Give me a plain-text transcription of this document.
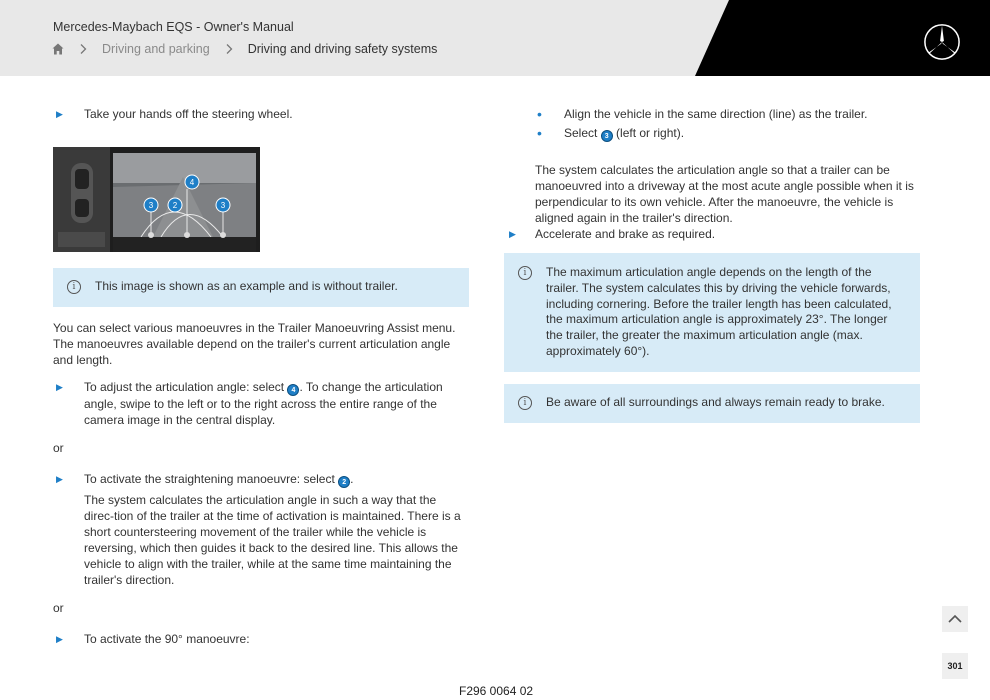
Mercedes-Maybach EQS - Owner's Manual
Driving and parking	Driving and driving safety systems
▶	Take your hands off the steering wheel.
4
3 2	3
i	This image is shown as an example and is without trailer.
You can select various manoeuvres in the Trailer Manoeuvring Assist menu. The manoeuvres available depend on the trailer's current articulation angle and length.
▶	To adjust the articulation angle: select 4 . To change the articulation angle, swipe to the left or to the right across the entire range of the camera image in the central display.
or
▶	To activate the straightening manoeuvre: select 2 .
The system calculates the articulation angle in such a way that the direc-tion of the trailer at the time of activation is maintained. There is a short countersteering movement of the trailer while the vehicle is reversing, which then guides it back to the desired line. This allows the vehicle to align with the trailer, while at the same time maintaining the trailer's direction.
or
▶	To activate the 90° manoeuvre:
•	Align the vehicle in the same direction (line) as the trailer.
•	Select 3 (left or right).
The system calculates the articulation angle so that a trailer can be manoeuvred into a driveway at the most acute angle possible when it is perpendicular to its own vehicle. After the manoeuvre, the vehicle is aligned again in the trailer's direction.
▶	Accelerate and brake as required.
i	The maximum articulation angle depends on the length of the trailer. The system calculates this by driving the vehicle forwards, including cornering. Before the trailer length has been calculated, the maximum articulation angle is approximately 23°. The longer the trailer, the greater the maximum articulation angle (max. approximately 60°).
i	Be aware of all surroundings and always remain ready to brake.
301
F296 0064 02
